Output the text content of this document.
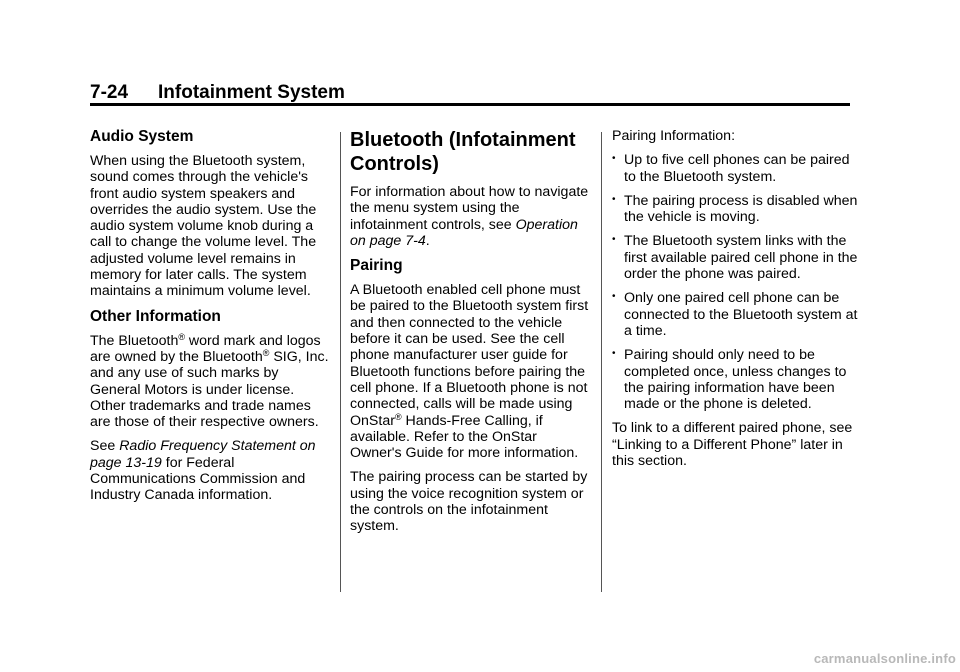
7-24 Infotainment System
Audio System

When using the Bluetooth system, sound comes through the vehicle's front audio system speakers and overrides the audio system. Use the audio system volume knob during a call to change the volume level. The adjusted volume level remains in memory for later calls. The system maintains a minimum volume level.

Other Information

The Bluetooth® word mark and logos are owned by the Bluetooth® SIG, Inc. and any use of such marks by General Motors is under license. Other trademarks and trade names are those of their respective owners.

See Radio Frequency Statement on page 13-19 for Federal Communications Commission and Industry Canada information.

Bluetooth (Infotainment Controls)

For information about how to navigate the menu system using the infotainment controls, see Operation on page 7-4.

Pairing

A Bluetooth enabled cell phone must be paired to the Bluetooth system first and then connected to the vehicle before it can be used. See the cell phone manufacturer user guide for Bluetooth functions before pairing the cell phone. If a Bluetooth phone is not connected, calls will be made using OnStar® Hands-Free Calling, if available. Refer to the OnStar Owner's Guide for more information.

The pairing process can be started by using the voice recognition system or the controls on the infotainment system.

Pairing Information:

• Up to five cell phones can be paired to the Bluetooth system.
• The pairing process is disabled when the vehicle is moving.
• The Bluetooth system links with the first available paired cell phone in the order the phone was paired.
• Only one paired cell phone can be connected to the Bluetooth system at a time.
• Pairing should only need to be completed once, unless changes to the pairing information have been made or the phone is deleted.

To link to a different paired phone, see “Linking to a Different Phone” later in this section.

carmanualsonline.info
